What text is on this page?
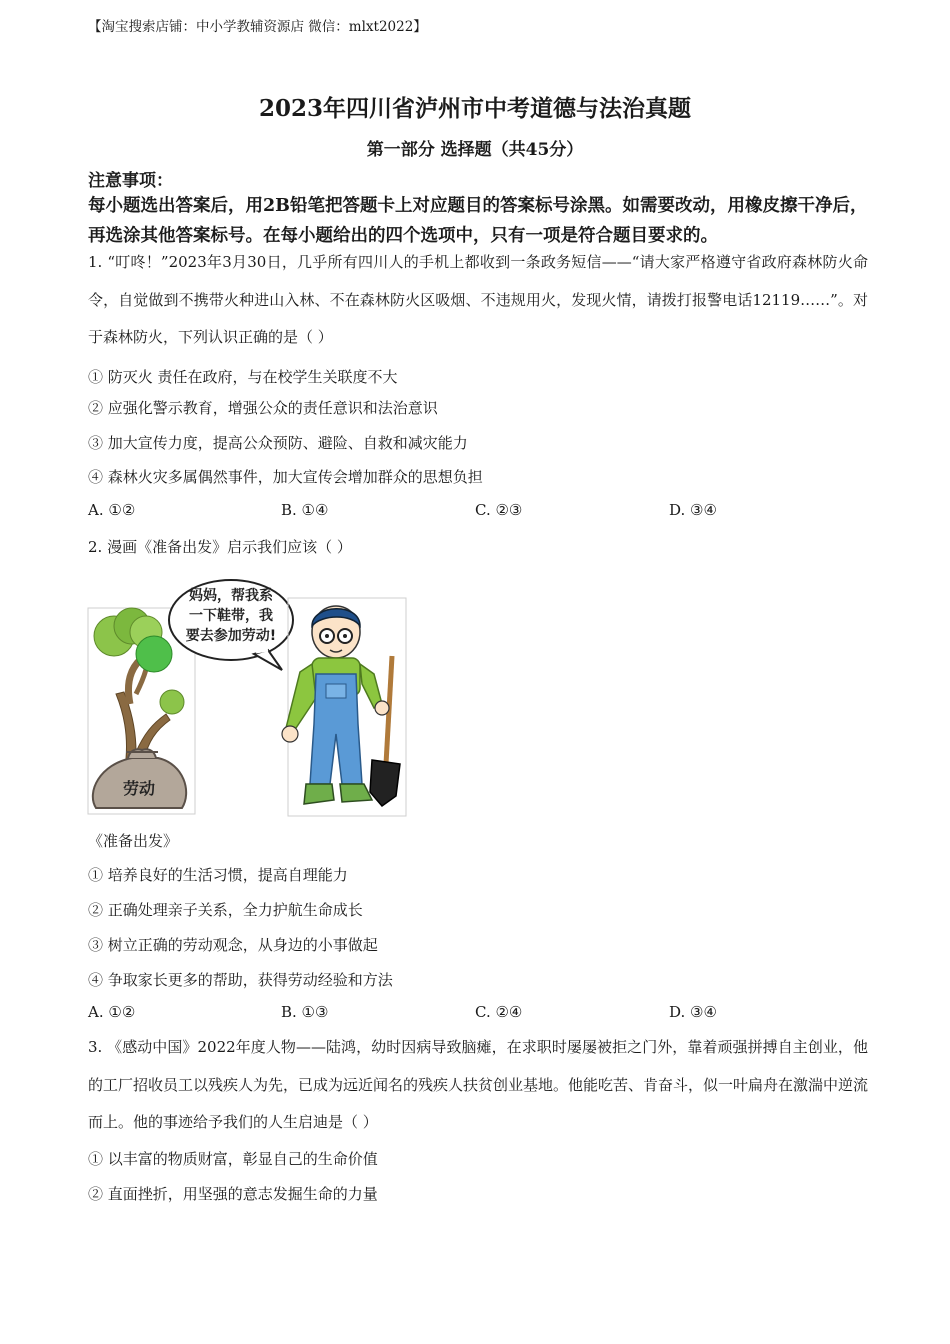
【淘宝搜索店铺：中小学教辅资源店 微信：mlxt2022】
2023年四川省泸州市中考道德与法治真题
第一部分 选择题（共45分）
注意事项：
每小题选出答案后，用2B铅笔把答题卡上对应题目的答案标号涂黑。如需要改动，用橡皮擦干净后，再选涂其他答案标号。在每小题给出的四个选项中，只有一项是符合题目要求的。
1. “叮咚！”2023年3月30日，几乎所有四川人的手机上都收到一条政务短信——“请大家严格遵守省政府森林防火命令，自觉做到不携带火种进山入林、不在森林防火区吸烟、不违规用火，发现火情，请拨打报警电话12119……”。对于森林防火，下列认识正确的是（ ）
① 防灭火 责任在政府，与在校学生关联度不大
② 应强化警示教育，增强公众的责任意识和法治意识
③ 加大宣传力度，提高公众预防、避险、自救和减灾能力
④ 森林火灾多属偶然事件，加大宣传会增加群众的思想负担
A. ①②	B. ①④	C. ②③	D. ③④
2. 漫画《准备出发》启示我们应该（ ）
劳动
妈妈，帮我系
一下鞋带，我
要去参加劳动!
《准备出发》
① 培养良好的生活习惯，提高自理能力
② 正确处理亲子关系，全力护航生命成长
③ 树立正确的劳动观念，从身边的小事做起
④ 争取家长更多的帮助，获得劳动经验和方法
A. ①②	B. ①③	C. ②④	D. ③④
3. 《感动中国》2022年度人物——陆鸿，幼时因病导致脑瘫，在求职时屡屡被拒之门外，靠着顽强拼搏自主创业，他的工厂招收员工以残疾人为先，已成为远近闻名的残疾人扶贫创业基地。他能吃苦、肯奋斗，似一叶扁舟在激湍中逆流而上。他的事迹给予我们的人生启迪是（ ）
① 以丰富的物质财富，彰显自己的生命价值
② 直面挫折，用坚强的意志发掘生命的力量
